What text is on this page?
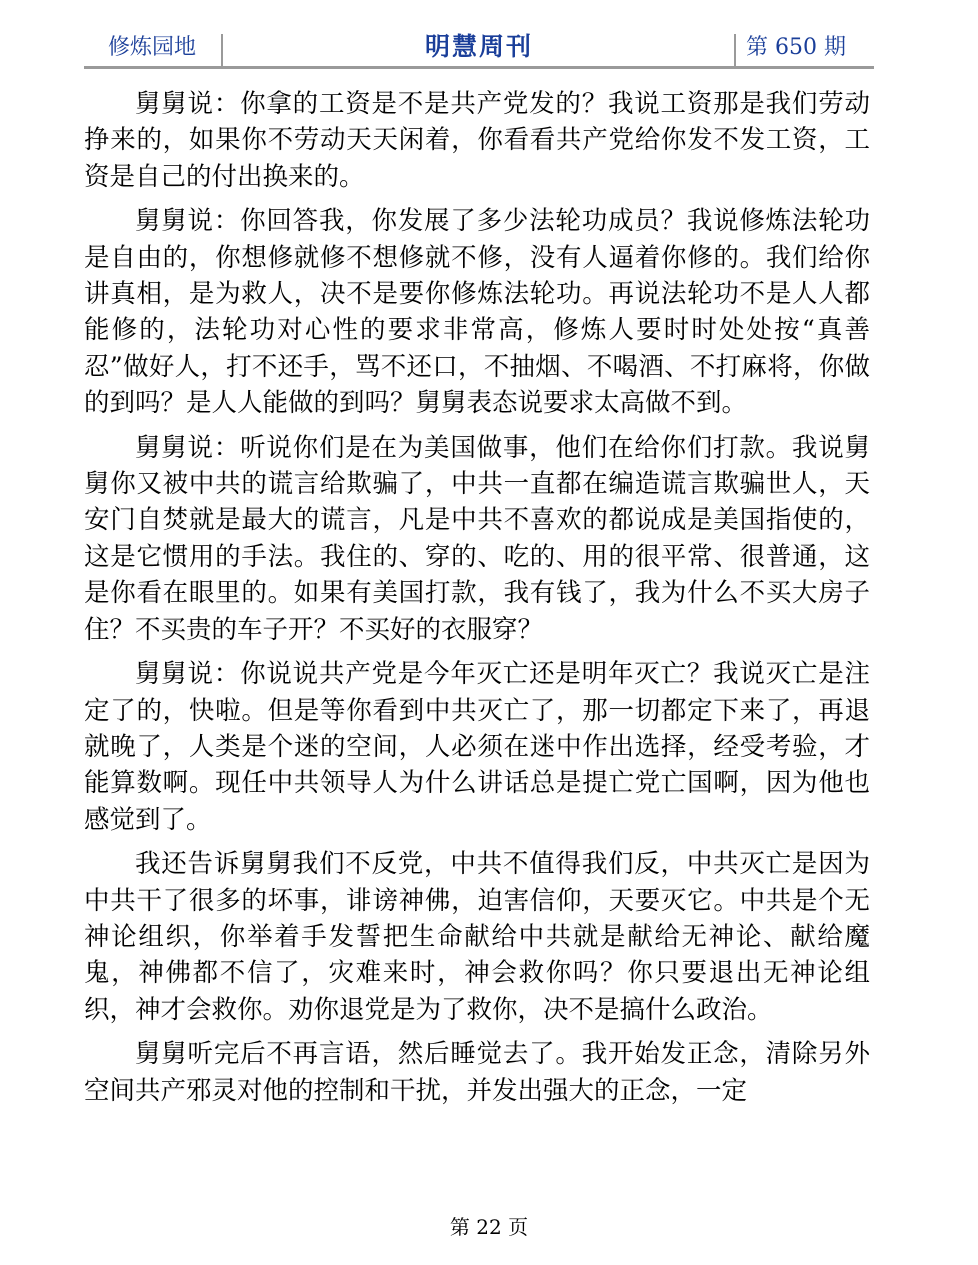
修炼园地	明慧周刊	第 650 期

舅舅说：你拿的工资是不是共产党发的？我说工资那是我们劳动挣来的，如果你不劳动天天闲着，你看看共产党给你发不发工资，工资是自己的付出换来的。

舅舅说：你回答我，你发展了多少法轮功成员？我说修炼法轮功是自由的，你想修就修不想修就不修，没有人逼着你修的。我们给你讲真相，是为救人，决不是要你修炼法轮功。再说法轮功不是人人都能修的，法轮功对心性的要求非常高，修炼人要时时处处按“真善忍”做好人，打不还手，骂不还口，不抽烟、不喝酒、不打麻将，你做的到吗？是人人能做的到吗？舅舅表态说要求太高做不到。

舅舅说：听说你们是在为美国做事，他们在给你们打款。我说舅舅你又被中共的谎言给欺骗了，中共一直都在编造谎言欺骗世人，天安门自焚就是最大的谎言，凡是中共不喜欢的都说成是美国指使的，这是它惯用的手法。我住的、穿的、吃的、用的很平常、很普通，这是你看在眼里的。如果有美国打款，我有钱了，我为什么不买大房子住？不买贵的车子开？不买好的衣服穿？

舅舅说：你说说共产党是今年灭亡还是明年灭亡？我说灭亡是注定了的，快啦。但是等你看到中共灭亡了，那一切都定下来了，再退就晚了，人类是个迷的空间，人必须在迷中作出选择，经受考验，才能算数啊。现任中共领导人为什么讲话总是提亡党亡国啊，因为他也感觉到了。

我还告诉舅舅我们不反党，中共不值得我们反，中共灭亡是因为中共干了很多的坏事，诽谤神佛，迫害信仰，天要灭它。中共是个无神论组织，你举着手发誓把生命献给中共就是献给无神论、献给魔鬼，神佛都不信了，灾难来时，神会救你吗？你只要退出无神论组织，神才会救你。劝你退党是为了救你，决不是搞什么政治。

舅舅听完后不再言语，然后睡觉去了。我开始发正念，清除另外空间共产邪灵对他的控制和干扰，并发出强大的正念，一定

第 22 页
